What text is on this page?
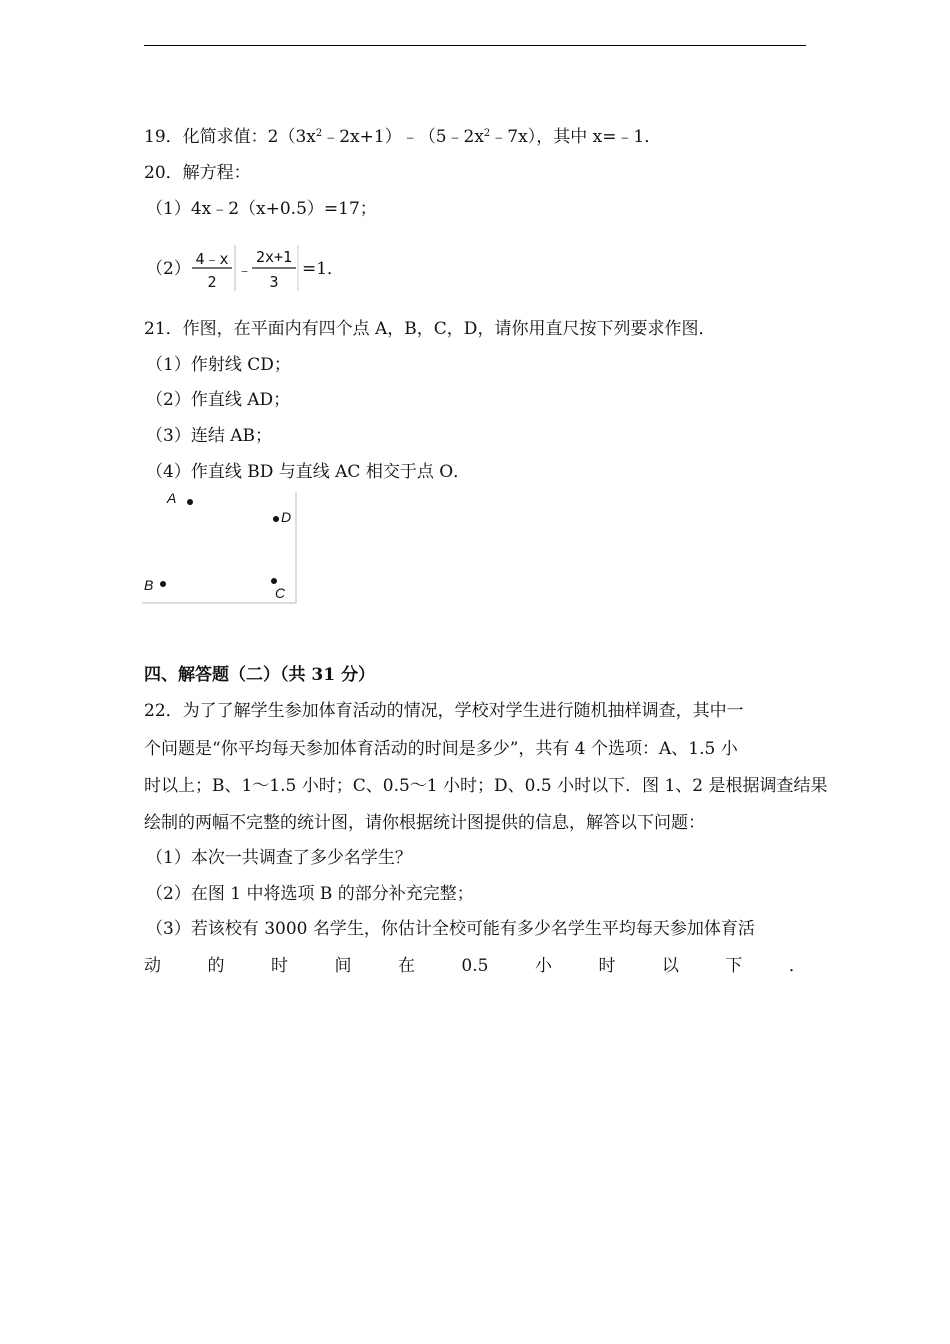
19．化简求值：$2(3x^2﹣2x+1)﹣(5﹣2x^2﹣7x)$，其中 x=﹣1．
20．解方程：
（1）4x﹣2（x+0.5）=17；
（2） 4﹣x
2
﹣
2x+1
3
=1．
21．作图，在平面内有四个点 A，B，C，D，请你用直尺按下列要求作图．
（1）作射线 CD；
（2）作直线 AD；
（3）连结 AB；
（4）作直线 BD 与直线 AC 相交于点 O．
A
D
B	C
四、解答题（二）（共 31 分）
22．为了了解学生参加体育活动的情况，学校对学生进行随机抽样调查，其中一
个问题是“你平均每天参加体育活动的时间是多少”，共有 4 个选项：A、1.5 小
时以上；B、1～1.5 小时；C、0.5～1 小时；D、0.5 小时以下．图 1、2 是根据调查结果
绘制的两幅不完整的统计图，请你根据统计图提供的信息，解答以下问题：
（1）本次一共调查了多少名学生？
（2）在图 1 中将选项 B 的部分补充完整；
（3）若该校有 3000 名学生，你估计全校可能有多少名学生平均每天参加体育活
动	的	时	间	在	0.5	小	时	以	下	．
